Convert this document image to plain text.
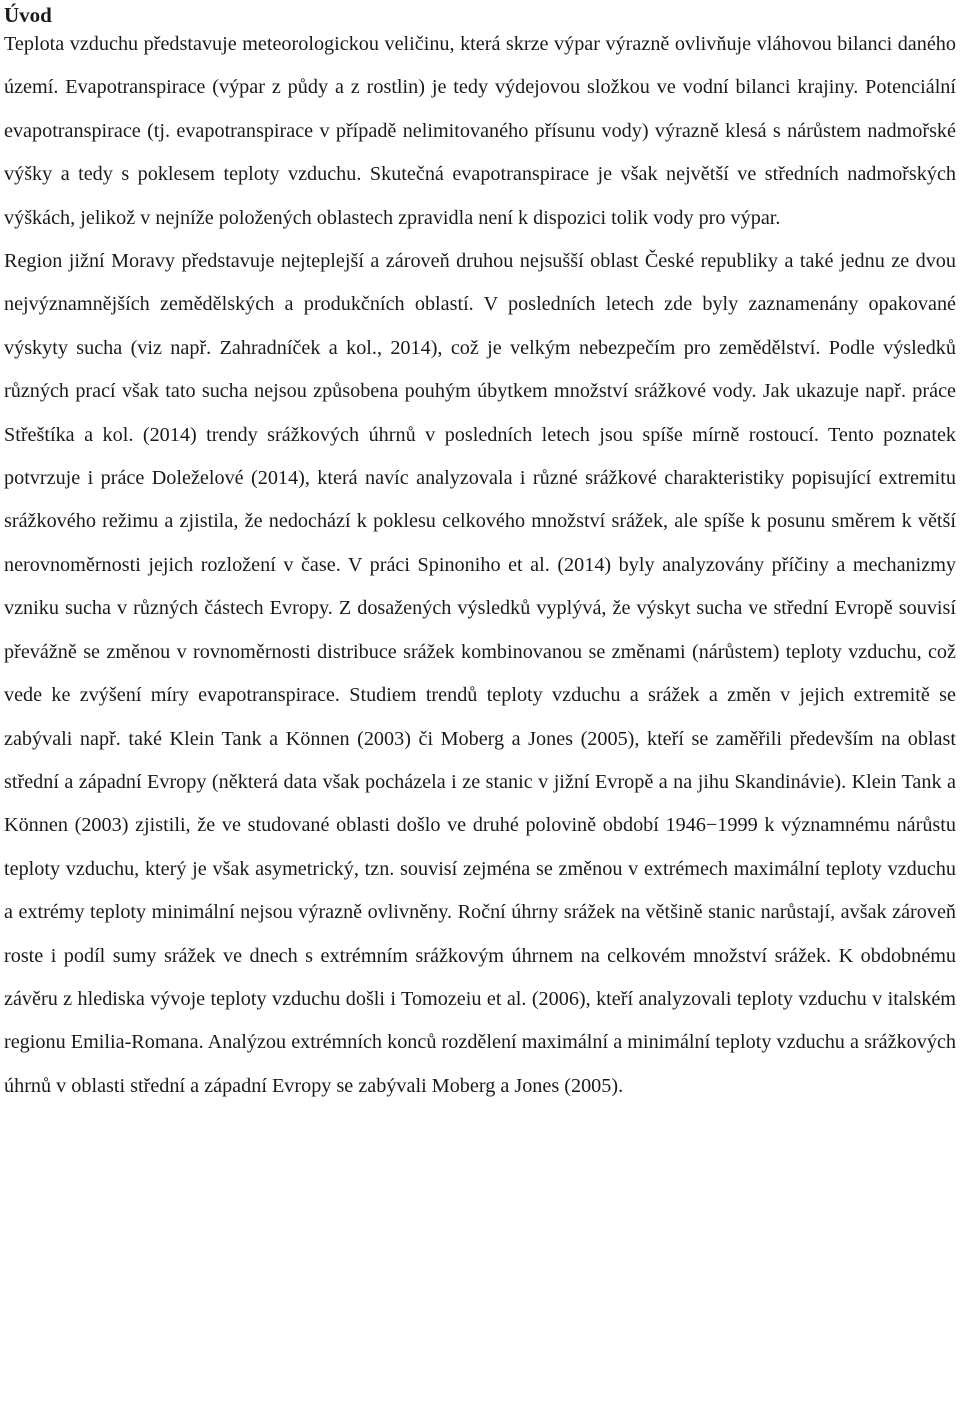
Úvod

Teplota vzduchu představuje meteorologickou veličinu, která skrze výpar výrazně ovlivňuje vláhovou bilanci daného území. Evapotranspirace (výpar z půdy a z rostlin) je tedy výdejovou složkou ve vodní bilanci krajiny. Potenciální evapotranspirace (tj. evapotranspirace v případě nelimitovaného přísunu vody) výrazně klesá s nárůstem nadmořské výšky a tedy s poklesem teploty vzduchu. Skutečná evapotranspirace je však největší ve středních nadmořských výškách, jelikož v nejníže položených oblastech zpravidla není k dispozici tolik vody pro výpar.

Region jižní Moravy představuje nejteplejší a zároveň druhou nejsušší oblast České republiky a také jednu ze dvou nejvýznamnějších zemědělských a produkčních oblastí. V posledních letech zde byly zaznamenány opakované výskyty sucha (viz např. Zahradníček a kol., 2014), což je velkým nebezpečím pro zemědělství. Podle výsledků různých prací však tato sucha nejsou způsobena pouhým úbytkem množství srážkové vody. Jak ukazuje např. práce Střeštíka a kol. (2014) trendy srážkových úhrnů v posledních letech jsou spíše mírně rostoucí. Tento poznatek potvrzuje i práce Doleželové (2014), která navíc analyzovala i různé srážkové charakteristiky popisující extremitu srážkového režimu a zjistila, že nedochází k poklesu celkového množství srážek, ale spíše k posunu směrem k větší nerovnoměrnosti jejich rozložení v čase. V práci Spinoniho et al. (2014) byly analyzovány příčiny a mechanizmy vzniku sucha v různých částech Evropy. Z dosažených výsledků vyplývá, že výskyt sucha ve střední Evropě souvisí převážně se změnou v rovnoměrnosti distribuce srážek kombinovanou se změnami (nárůstem) teploty vzduchu, což vede ke zvýšení míry evapotranspirace. Studiem trendů teploty vzduchu a srážek a změn v jejich extremitě se zabývali např. také Klein Tank a Können (2003) či Moberg a Jones (2005), kteří se zaměřili především na oblast střední a západní Evropy (některá data však pocházela i ze stanic v jižní Evropě a na jihu Skandinávie). Klein Tank a Können (2003) zjistili, že ve studované oblasti došlo ve druhé polovině období 1946−1999 k významnému nárůstu teploty vzduchu, který je však asymetrický, tzn. souvisí zejména se změnou v extrémech maximální teploty vzduchu a extrémy teploty minimální nejsou výrazně ovlivněny. Roční úhrny srážek na většině stanic narůstají, avšak zároveň roste i podíl sumy srážek ve dnech s extrémním srážkovým úhrnem na celkovém množství srážek. K obdobnému závěru z hlediska vývoje teploty vzduchu došli i Tomozeiu et al. (2006), kteří analyzovali teploty vzduchu v italském regionu Emilia-Romana. Analýzou extrémních konců rozdělení maximální a minimální teploty vzduchu a srážkových úhrnů v oblasti střední a západní Evropy se zabývali Moberg a Jones (2005).
